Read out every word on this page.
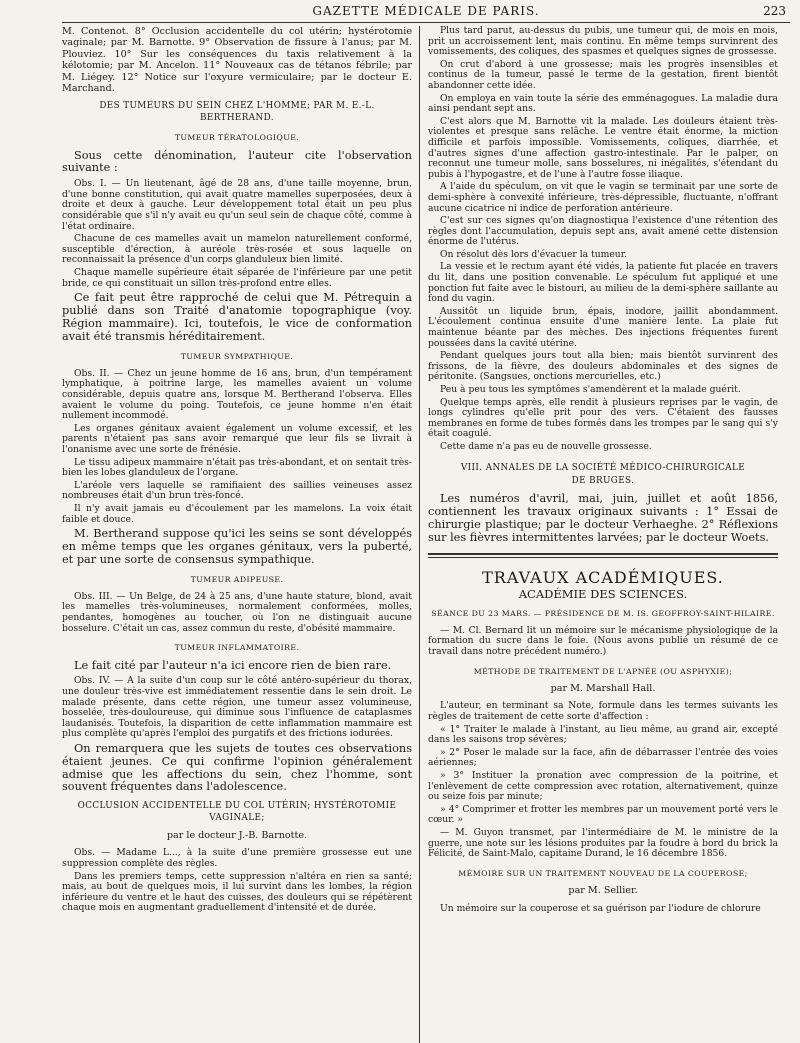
GAZETTE MÉDICALE DE PARIS.	223

M. Contenot. 8° Occlusion accidentelle du col utérin; hystérotomie vaginale; par M. Barnotte. 9° Observation de fissure à l'anus; par M. Plouviez. 10° Sur les conséquences du taxis relativement à la kélotomie; par M. Ancelon. 11° Nouveaux cas de tétanos fébrile; par M. Liégey. 12° Notice sur l'oxyure vermiculaire; par le docteur E. Marchand.

DES TUMEURS DU SEIN CHEZ L'HOMME; PAR M. E.-L. BERTHERAND.
TUMEUR TÉRATOLOGIQUE.

Sous cette dénomination, l'auteur cite l'observation suivante :

Obs. I. — Un lieutenant, âgé de 28 ans, d'une taille moyenne, brun, d'une bonne constitution, qui avait quatre mamelles superposées, deux à droite et deux à gauche. Leur développement total était un peu plus considérable que s'il n'y avait eu qu'un seul sein de chaque côté, comme à l'état ordinaire.

Chacune de ces mamelles avait un mamelon naturellement conformé, susceptible d'érection, à auréole très-rosée et sous laquelle on reconnaissait la présence d'un corps glanduleux bien limité.

Chaque mamelle supérieure était séparée de l'inférieure par une petit bride, ce qui constituait un sillon très-profond entre elles.

Ce fait peut être rapproché de celui que M. Pétrequin a publié dans son Traité d'anatomie topographique (voy. Région mammaire). Ici, toutefois, le vice de conformation avait été transmis héréditairement.

TUMEUR SYMPATHIQUE.

Obs. II. — Chez un jeune homme de 16 ans, brun, d'un tempérament lymphatique, à poitrine large, les mamelles avaient un volume considérable, depuis quatre ans, lorsque M. Bertherand l'observa. Elles avaient le volume du poing. Toutefois, ce jeune homme n'en était nullement incommodé.

Les organes génitaux avaient également un volume excessif, et les parents n'étaient pas sans avoir remarqué que leur fils se livrait à l'onanisme avec une sorte de frénésie.

Le tissu adipeux mammaire n'était pas très-abondant, et on sentait très-bien les lobes glanduleux de l'organe.

L'aréole vers laquelle se ramifiaient des saillies veineuses assez nombreuses était d'un brun très-foncé.

Il n'y avait jamais eu d'écoulement par les mamelons. La voix était faible et douce.

M. Bertherand suppose qu'ici les seins se sont développés en même temps que les organes génitaux, vers la puberté, et par une sorte de consensus sympathique.

TUMEUR ADIPEUSE.

Obs. III. — Un Belge, de 24 à 25 ans, d'une haute stature, blond, avait les mamelles très-volumineuses, normalement conformées, molles, pendantes, homogènes au toucher, où l'on ne distinguait aucune bosselure. C'était un cas, assez commun du reste, d'obésité mammaire.

TUMEUR INFLAMMATOIRE.

Le fait cité par l'auteur n'a ici encore rien de bien rare.

Obs. IV. — A la suite d'un coup sur le côté antéro-supérieur du thorax, une douleur très-vive est immédiatement ressentie dans le sein droit. Le malade présente, dans cette région, une tumeur assez volumineuse, bosselée, très-douloureuse, qui diminue sous l'influence de cataplasmes laudanisés. Toutefois, la disparition de cette inflammation mammaire est plus complète qu'après l'emploi des purgatifs et des frictions iodurées.

On remarquera que les sujets de toutes ces observations étaient jeunes. Ce qui confirme l'opinion généralement admise que les affections du sein, chez l'homme, sont souvent fréquentes dans l'adolescence.

OCCLUSION ACCIDENTELLE DU COL UTÉRIN; HYSTÉROTOMIE VAGINALE;
par le docteur J.-B. Barnotte.

Obs. — Madame L..., à la suite d'une première grossesse eut une suppression complète des règles.

Dans les premiers temps, cette suppression n'altéra en rien sa santé; mais, au bout de quelques mois, il lui survint dans les lombes, la région inférieure du ventre et le haut des cuisses, des douleurs qui se répétèrent chaque mois en augmentant graduellement d'intensité et de durée.

Plus tard parut, au-dessus du pubis, une tumeur qui, de mois en mois, prit un accroissement lent, mais continu. En même temps survinrent des vomissements, des coliques, des spasmes et quelques signes de grossesse.

On crut d'abord à une grossesse; mais les progrès insensibles et continus de la tumeur, passé le terme de la gestation, firent bientôt abandonner cette idée.

On employa en vain toute la série des emménagogues. La maladie dura ainsi pendant sept ans.

C'est alors que M. Barnotte vit la malade. Les douleurs étaient très-violentes et presque sans relâche. Le ventre était énorme, la miction difficile et parfois impossible. Vomissements, coliques, diarrhée, et d'autres signes d'une affection gastro-intestinale. Par le palper, on reconnut une tumeur molle, sans bosselures, ni inégalités, s'étendant du pubis à l'hypogastre, et de l'une à l'autre fosse iliaque.

A l'aide du spéculum, on vit que le vagin se terminait par une sorte de demi-sphère à convexité inférieure, très-dépressible, fluctuante, n'offrant aucune cicatrice ni indice de perforation antérieure.

C'est sur ces signes qu'on diagnostiqua l'existence d'une rétention des règles dont l'accumulation, depuis sept ans, avait amené cette distension énorme de l'utérus.

On résolut dès lors d'évacuer la tumeur.

La vessie et le rectum ayant été vidés, la patiente fut placée en travers du lit, dans une position convenable. Le spéculum fut appliqué et une ponction fut faite avec le bistouri, au milieu de la demi-sphère saillante au fond du vagin.

Aussitôt un liquide brun, épais, inodore, jaillit abondamment. L'écoulement continua ensuite d'une manière lente. La plaie fut maintenue béante par des mèches. Des injections fréquentes furent poussées dans la cavité utérine.

Pendant quelques jours tout alla bien; mais bientôt survinrent des frissons, de la fièvre, des douleurs abdominales et des signes de péritonite. (Sangsues, onctions mercurielles, etc.)

Peu à peu tous les symptômes s'amendèrent et la malade guérit.

Quelque temps après, elle rendit à plusieurs reprises par le vagin, de longs cylindres qu'elle prit pour des vers. C'étaient des fausses membranes en forme de tubes formés dans les trompes par le sang qui s'y était coagulé.

Cette dame n'a pas eu de nouvelle grossesse.

VIII. ANNALES DE LA SOCIÉTÉ MÉDICO-CHIRURGICALE
DE BRUGES.

Les numéros d'avril, mai, juin, juillet et août 1856, contiennent les travaux originaux suivants : 1° Essai de chirurgie plastique; par le docteur Verhaeghe. 2° Réflexions sur les fièvres intermittentes larvées; par le docteur Woets.

TRAVAUX ACADÉMIQUES.
ACADÉMIE DES SCIENCES.
SÉANCE DU 23 MARS. — PRÉSIDENCE DE M. IS. GEOFFROY-SAINT-HILAIRE.

— M. Cl. Bernard lit un mémoire sur le mécanisme physiologique de la formation du sucre dans le foie. (Nous avons publié un résumé de ce travail dans notre précédent numéro.)

MÉTHODE DE TRAITEMENT DE L'APNÉE (OU ASPHYXIE);
par M. Marshall Hall.

L'auteur, en terminant sa Note, formule dans les termes suivants les règles de traitement de cette sorte d'affection :

« 1° Traiter le malade à l'instant, au lieu même, au grand air, excepté dans les saisons trop sévères;

» 2° Poser le malade sur la face, afin de débarrasser l'entrée des voies aériennes;

» 3° Instituer la pronation avec compression de la poitrine, et l'enlèvement de cette compression avec rotation, alternativement, quinze ou seize fois par minute;

» 4° Comprimer et frotter les membres par un mouvement porté vers le cœur. »

— M. Guyon transmet, par l'intermédiaire de M. le ministre de la guerre, une note sur les lésions produites par la foudre à bord du brick la Félicité, de Saint-Malo, capitaine Durand, le 16 décembre 1856.

MÉMOIRE SUR UN TRAITEMENT NOUVEAU DE LA COUPEROSE;
par M. Sellier.

Un mémoire sur la couperose et sa guérison par l'iodure de chlorure
